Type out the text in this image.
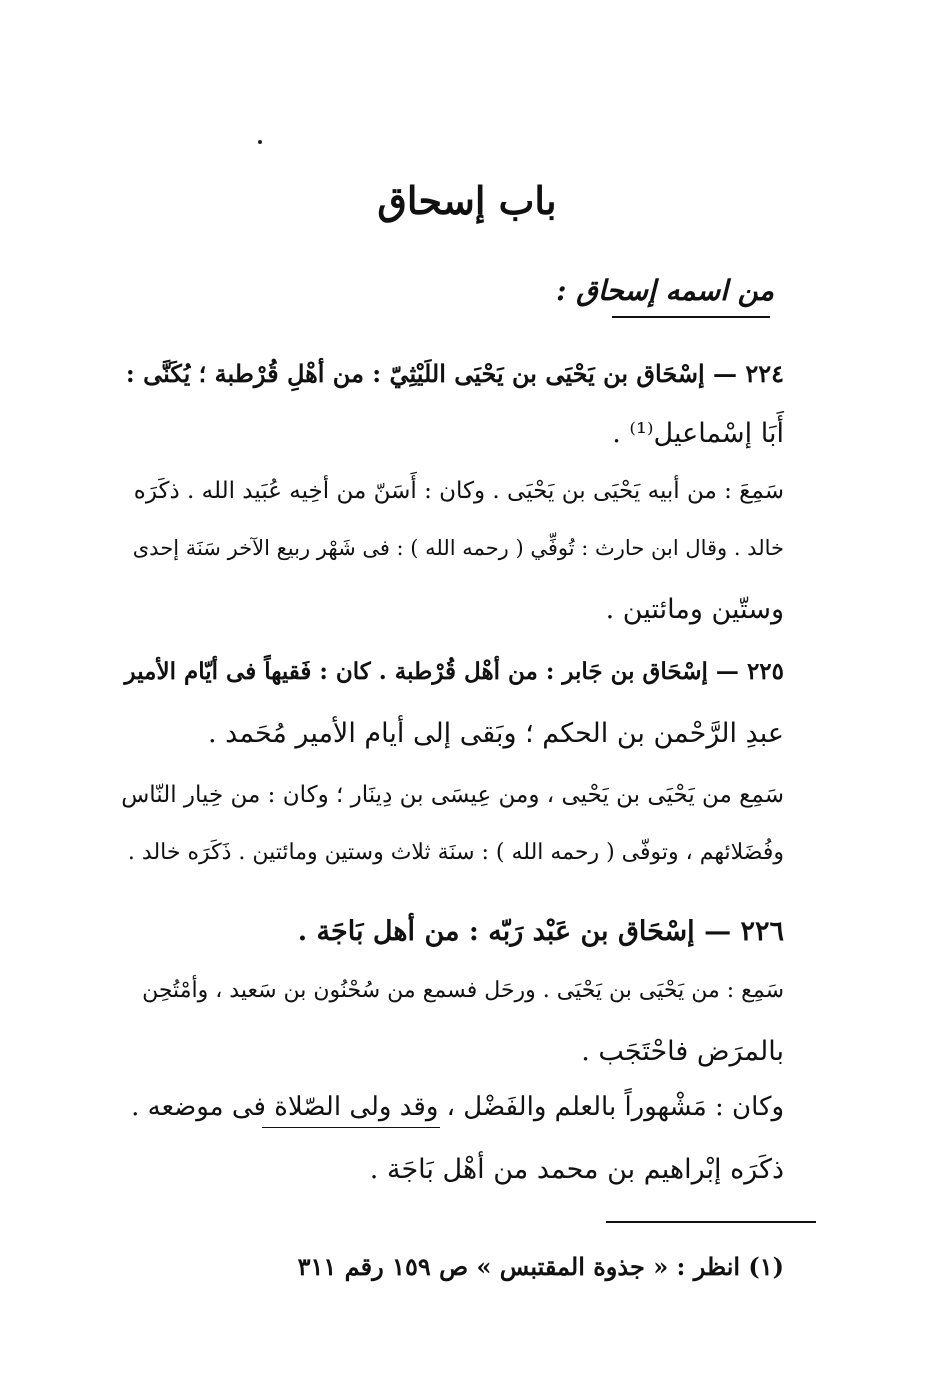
باب إسحاق
من اسمه إسحاق :
٢٢٤ — إسْحَاق بن يَحْيَى بن يَحْيَى اللَيْثِيّ : من أهْلِ قُرْطبة ؛ يُكَنَّى :
أَبَا إسْماعيل⁽¹⁾ .
سَمِعَ : من أبيه يَحْيَى بن يَحْيَى . وكان : أَسَنّ من أخِيه عُبَيد الله . ذكَرَه
خالد . وقال ابن حارث : تُوفِّي ( رحمه الله ) : فى شَهْر ربيع الآخر سَنَة إحدى
وستّين ومائتين .
٢٢٥ — إسْحَاق بن جَابر : من أهْل قُرْطبة . كان : فَقيهاً فى أيّام الأمير
عبدِ الرَّحْمن بن الحكم ؛ وبَقى إلى أيام الأمير مُحَمد .
سَمِع من يَحْيَى بن يَحْيى ، ومن عِيسَى بن دِينَار ؛ وكان : من خِيار النّاس
وفُضَلائهم ، وتوفّى ( رحمه الله ) : سنَة ثلاث وستين ومائتين . ذَكَرَه خالد .
٢٢٦ — إسْحَاق بن عَبْد رَبّه : من أهل بَاجَة .
سَمِع : من يَحْيَى بن يَحْيَى . ورحَل فسمع من سُحْنُون بن سَعيد ، وأمْتُحِن
بالمرَض فاحْتَجَب .
وكان : مَشْهوراً بالعلم والفَضْل ، وقد ولى الصّلاة فى موضعه .
ذكَرَه إبْراهيم بن محمد من أهْل بَاجَة .
(١) انظر : « جذوة المقتبس » ص ١٥٩ رقم ٣١١
